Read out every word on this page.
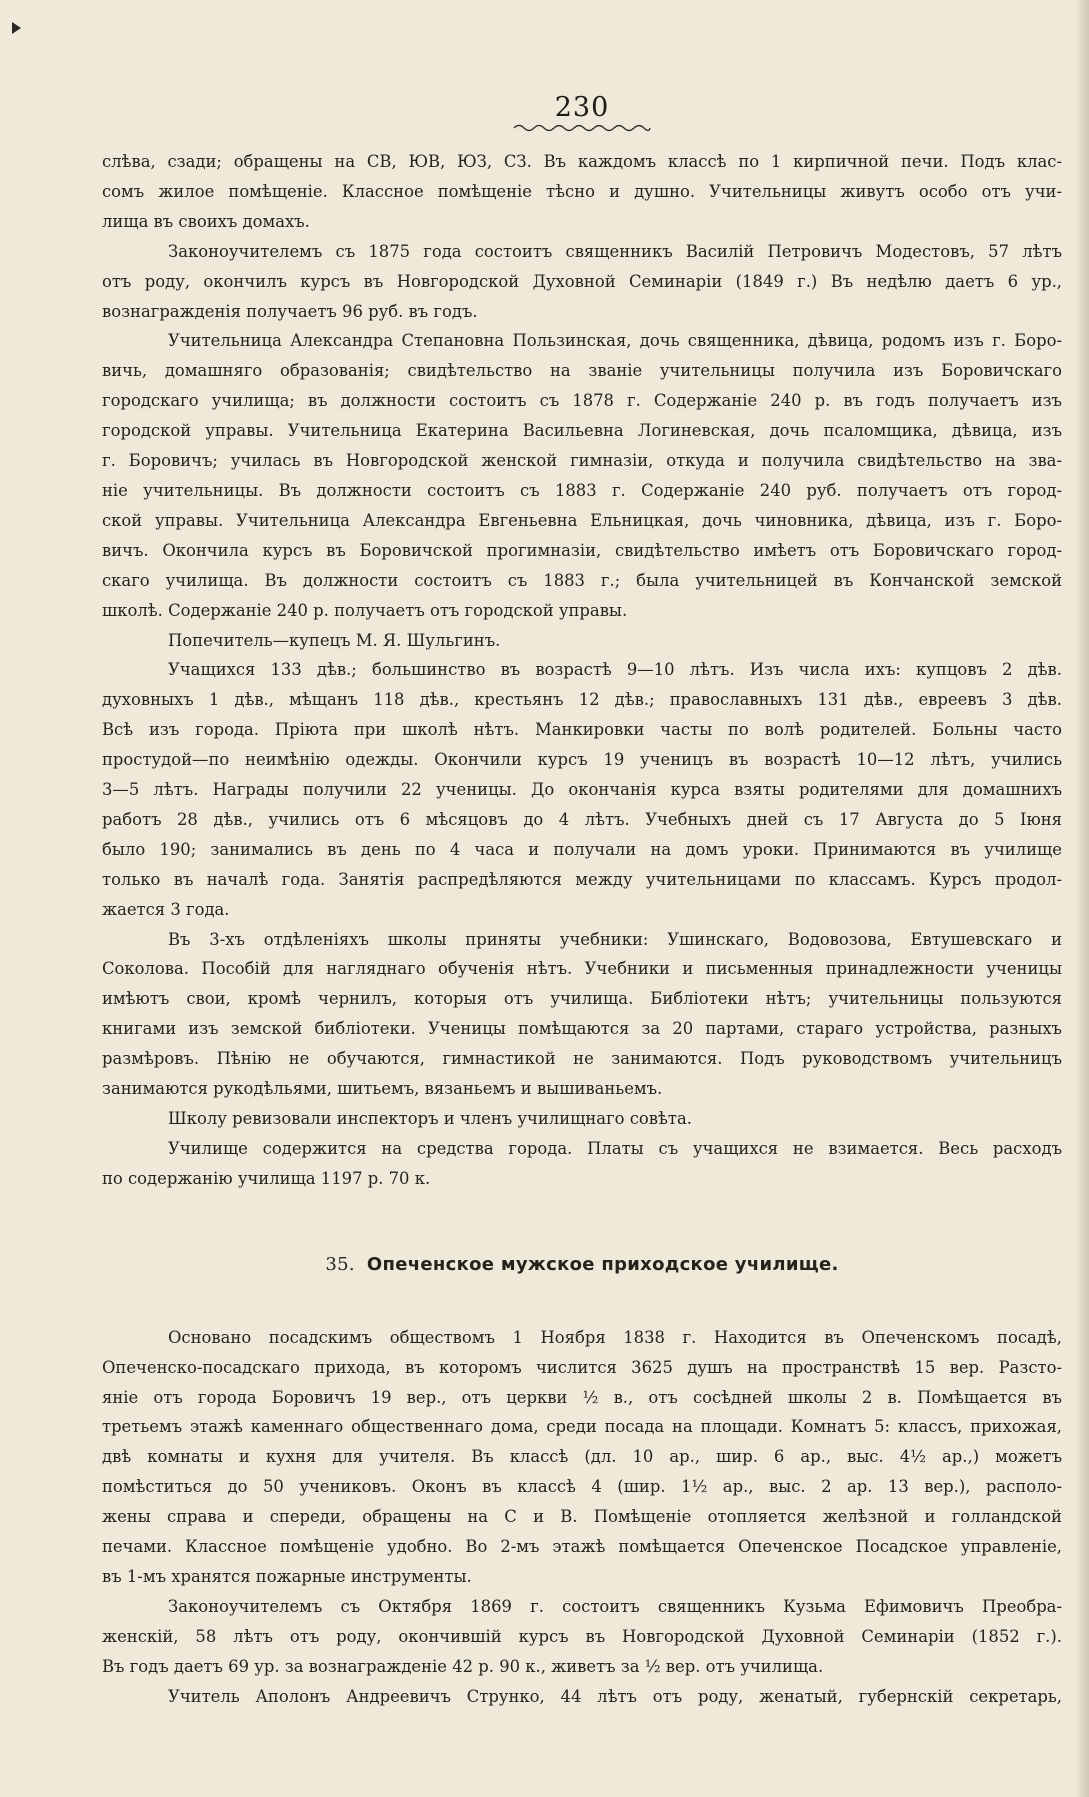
230

слѣва, сзади; обращены на СВ, ЮВ, ЮЗ, СЗ. Въ каждомъ классѣ по 1 кирпичной печи. Подъ клас-

сомъ жилое помѣщеніе. Классное помѣщеніе тѣсно и душно. Учительницы живутъ особо отъ учи-

лища въ своихъ домахъ.

Законоучителемъ съ 1875 года состоитъ священникъ Василій Петровичъ Модестовъ, 57 лѣтъ

отъ роду, окончилъ курсъ въ Новгородской Духовной Семинаріи (1849 г.) Въ недѣлю даетъ 6 ур.,

вознагражденія получаетъ 96 руб. въ годъ.

Учительница Александра Степановна Пользинская, дочь священника, дѣвица, родомъ изъ г. Боро-

вичь, домашняго образованія; свидѣтельство на званіе учительницы получила изъ Боровичскаго

городскаго училища; въ должности состоитъ съ 1878 г. Содержаніе 240 р. въ годъ получаетъ изъ

городской управы. Учительница Екатерина Васильевна Логиневская, дочь псаломщика, дѣвица, изъ

г. Боровичъ; училась въ Новгородской женской гимназіи, откуда и получила свидѣтельство на зва-

ніе учительницы. Въ должности состоитъ съ 1883 г. Содержаніе 240 руб. получаетъ отъ город-

ской управы. Учительница Александра Евгеньевна Ельницкая, дочь чиновника, дѣвица, изъ г. Боро-

вичъ. Окончила курсъ въ Боровичской прогимназіи, свидѣтельство имѣетъ отъ Боровичскаго город-

скаго училища. Въ должности состоитъ съ 1883 г.; была учительницей въ Кончанской земской

школѣ. Содержаніе 240 р. получаетъ отъ городской управы.

Попечитель—купецъ М. Я. Шульгинъ.

Учащихся 133 дѣв.; большинство въ возрастѣ 9—10 лѣтъ. Изъ числа ихъ: купцовъ 2 дѣв.

духовныхъ 1 дѣв., мѣщанъ 118 дѣв., крестьянъ 12 дѣв.; православныхъ 131 дѣв., евреевъ 3 дѣв.

Всѣ изъ города. Пріюта при школѣ нѣтъ. Манкировки часты по волѣ родителей. Больны часто

простудой—по неимѣнію одежды. Окончили курсъ 19 ученицъ въ возрастѣ 10—12 лѣтъ, учились

3—5 лѣтъ. Награды получили 22 ученицы. До окончанія курса взяты родителями для домашнихъ

работъ 28 дѣв., учились отъ 6 мѣсяцовъ до 4 лѣтъ. Учебныхъ дней съ 17 Августа до 5 Іюня

было 190; занимались въ день по 4 часа и получали на домъ уроки. Принимаются въ училище

только въ началѣ года. Занятія распредѣляются между учительницами по классамъ. Курсъ продол-

жается 3 года.

Въ 3-хъ отдѣленіяхъ школы приняты учебники: Ушинскаго, Водовозова, Евтушевскаго и

Соколова. Пособій для нагляднаго обученія нѣтъ. Учебники и письменныя принадлежности ученицы

имѣютъ свои, кромѣ чернилъ, которыя отъ училища. Библіотеки нѣтъ; учительницы пользуются

книгами изъ земской библіотеки. Ученицы помѣщаются за 20 партами, стараго устройства, разныхъ

размѣровъ. Пѣнію не обучаются, гимнастикой не занимаются. Подъ руководствомъ учительницъ

занимаются рукодѣльями, шитьемъ, вязаньемъ и вышиваньемъ.

Школу ревизовали инспекторъ и членъ училищнаго совѣта.

Училище содержится на средства города. Платы съ учащихся не взимается. Весь расходъ

по содержанію училища 1197 р. 70 к.

35. Опеченское мужское приходское училище.

Основано посадскимъ обществомъ 1 Ноября 1838 г. Находится въ Опеченскомъ посадѣ,

Опеченско-посадскаго прихода, въ которомъ числится 3625 душъ на пространствѣ 15 вер. Разсто-

яніе отъ города Боровичъ 19 вер., отъ церкви ½ в., отъ сосѣдней школы 2 в. Помѣщается въ

третьемъ этажѣ каменнаго общественнаго дома, среди посада на площади. Комнатъ 5: классъ, прихожая,

двѣ комнаты и кухня для учителя. Въ классѣ (дл. 10 ар., шир. 6 ар., выс. 4½ ар.,) можетъ

помѣститься до 50 учениковъ. Оконъ въ классѣ 4 (шир. 1½ ар., выс. 2 ар. 13 вер.), располо-

жены справа и спереди, обращены на С и В. Помѣщеніе отопляется желѣзной и голландской

печами. Классное помѣщеніе удобно. Во 2-мъ этажѣ помѣщается Опеченское Посадское управленіе,

въ 1-мъ хранятся пожарные инструменты.

Законоучителемъ съ Октября 1869 г. состоитъ священникъ Кузьма Ефимовичъ Преобра-

женскій, 58 лѣтъ отъ роду, окончившій курсъ въ Новгородской Духовной Семинаріи (1852 г.).

Въ годъ даетъ 69 ур. за вознагражденіе 42 р. 90 к., живетъ за ½ вер. отъ училища.

Учитель Аполонъ Андреевичъ Струнко, 44 лѣтъ отъ роду, женатый, губернскій секретарь,
